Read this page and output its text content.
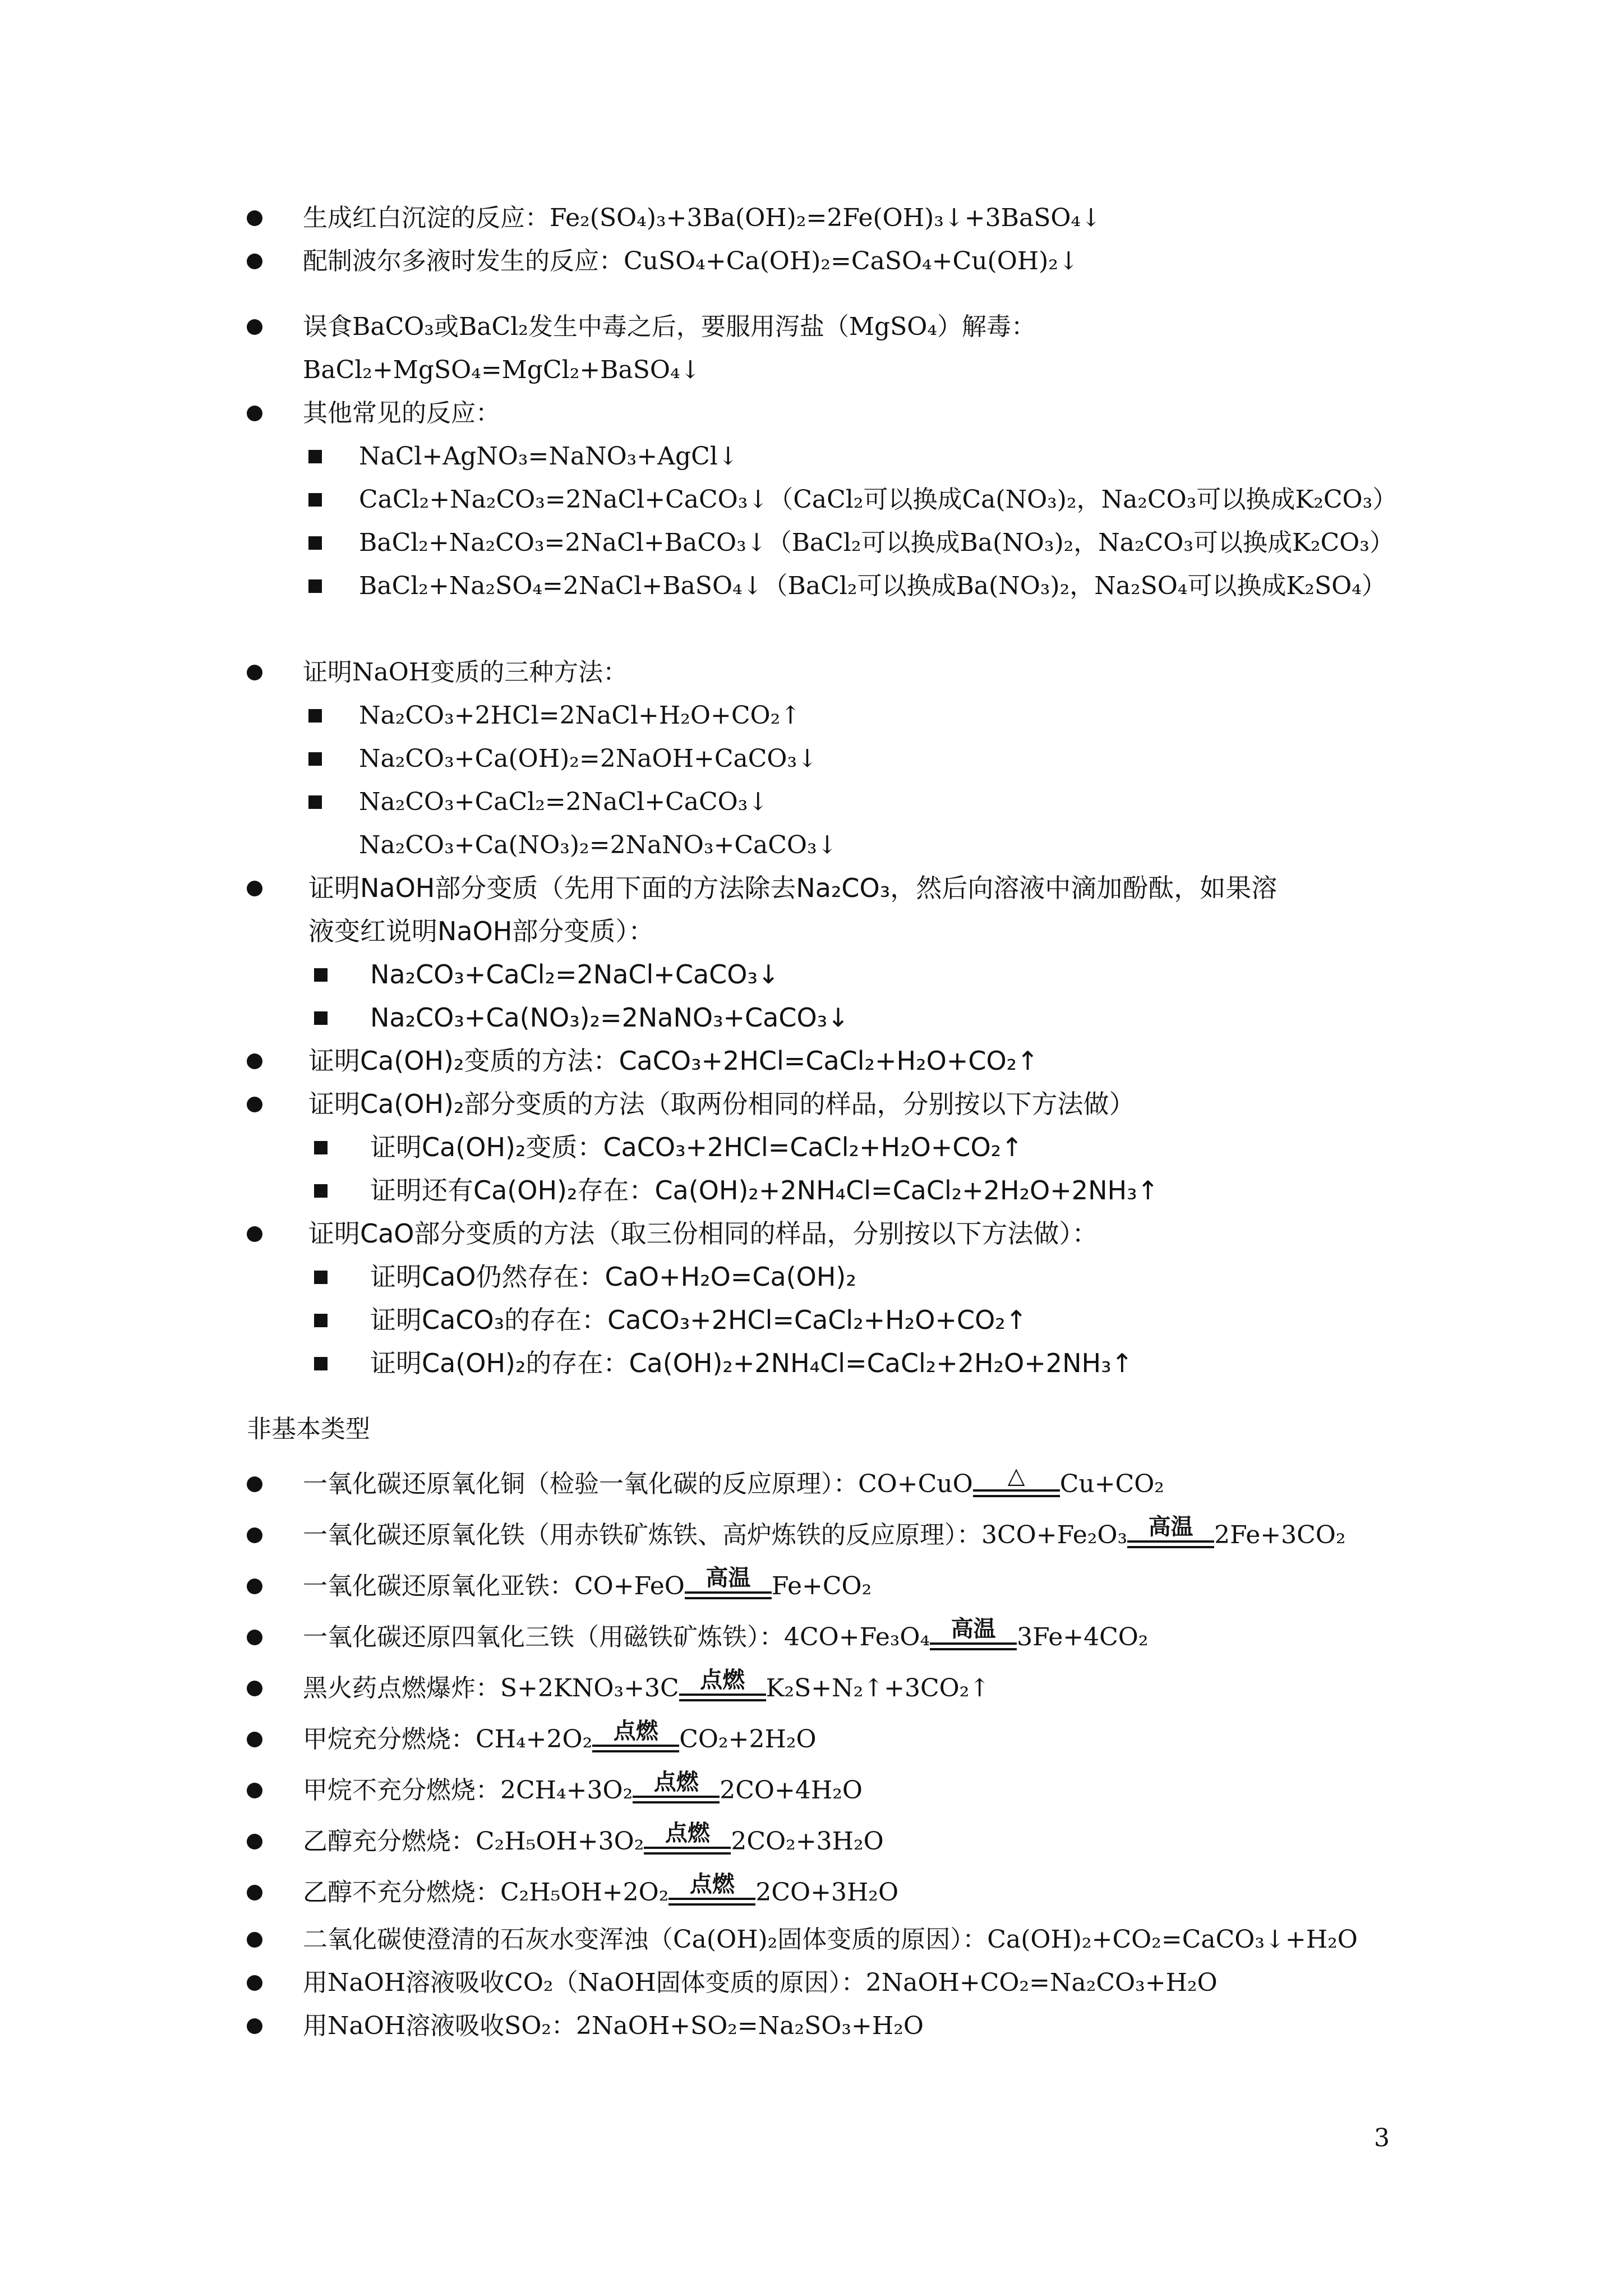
生成红白沉淀的反应：Fe₂(SO₄)₃+3Ba(OH)₂=2Fe(OH)₃↓+3BaSO₄↓
配制波尔多液时发生的反应：CuSO₄+Ca(OH)₂=CaSO₄+Cu(OH)₂↓
误食BaCO₃或BaCl₂发生中毒之后，要服用泻盐（MgSO₄）解毒：
BaCl₂+MgSO₄=MgCl₂+BaSO₄↓
其他常见的反应：
NaCl+AgNO₃=NaNO₃+AgCl↓
CaCl₂+Na₂CO₃=2NaCl+CaCO₃↓（CaCl₂可以换成Ca(NO₃)₂，Na₂CO₃可以换成K₂CO₃）
BaCl₂+Na₂CO₃=2NaCl+BaCO₃↓（BaCl₂可以换成Ba(NO₃)₂，Na₂CO₃可以换成K₂CO₃）
BaCl₂+Na₂SO₄=2NaCl+BaSO₄↓（BaCl₂可以换成Ba(NO₃)₂，Na₂SO₄可以换成K₂SO₄）
证明NaOH变质的三种方法：
Na₂CO₃+2HCl=2NaCl+H₂O+CO₂↑
Na₂CO₃+Ca(OH)₂=2NaOH+CaCO₃↓
Na₂CO₃+CaCl₂=2NaCl+CaCO₃↓
Na₂CO₃+Ca(NO₃)₂=2NaNO₃+CaCO₃↓
证明NaOH部分变质（先用下面的方法除去Na₂CO₃，然后向溶液中滴加酚酞，如果溶
液变红说明NaOH部分变质）：
Na₂CO₃+CaCl₂=2NaCl+CaCO₃↓
Na₂CO₃+Ca(NO₃)₂=2NaNO₃+CaCO₃↓
证明Ca(OH)₂变质的方法：CaCO₃+2HCl=CaCl₂+H₂O+CO₂↑
证明Ca(OH)₂部分变质的方法（取两份相同的样品，分别按以下方法做）
证明Ca(OH)₂变质：CaCO₃+2HCl=CaCl₂+H₂O+CO₂↑
证明还有Ca(OH)₂存在：Ca(OH)₂+2NH₄Cl=CaCl₂+2H₂O+2NH₃↑
证明CaO部分变质的方法（取三份相同的样品，分别按以下方法做）：
证明CaO仍然存在：CaO+H₂O=Ca(OH)₂
证明CaCO₃的存在：CaCO₃+2HCl=CaCl₂+H₂O+CO₂↑
证明Ca(OH)₂的存在：Ca(OH)₂+2NH₄Cl=CaCl₂+2H₂O+2NH₃↑
非基本类型
一氧化碳还原氧化铜（检验一氧化碳的反应原理）：CO+CuO	△	Cu+CO₂
一氧化碳还原氧化铁（用赤铁矿炼铁、高炉炼铁的反应原理）：3CO+Fe₂O₃ 高温 2Fe+3CO₂
一氧化碳还原氧化亚铁：CO+FeO 高温 Fe+CO₂
一氧化碳还原四氧化三铁（用磁铁矿炼铁）：4CO+Fe₃O₄ 高温 3Fe+4CO₂
黑火药点燃爆炸：S+2KNO₃+3C 点燃 K₂S+N₂↑+3CO₂↑
甲烷充分燃烧：CH₄+2O₂ 点燃 CO₂+2H₂O
甲烷不充分燃烧：2CH₄+3O₂ 点燃 2CO+4H₂O
乙醇充分燃烧：C₂H₅OH+3O₂ 点燃 2CO₂+3H₂O
乙醇不充分燃烧：C₂H₅OH+2O₂ 点燃 2CO+3H₂O
二氧化碳使澄清的石灰水变浑浊（Ca(OH)₂固体变质的原因）：Ca(OH)₂+CO₂=CaCO₃↓+H₂O
用NaOH溶液吸收CO₂（NaOH固体变质的原因）：2NaOH+CO₂=Na₂CO₃+H₂O
用NaOH溶液吸收SO₂：2NaOH+SO₂=Na₂SO₃+H₂O
3
